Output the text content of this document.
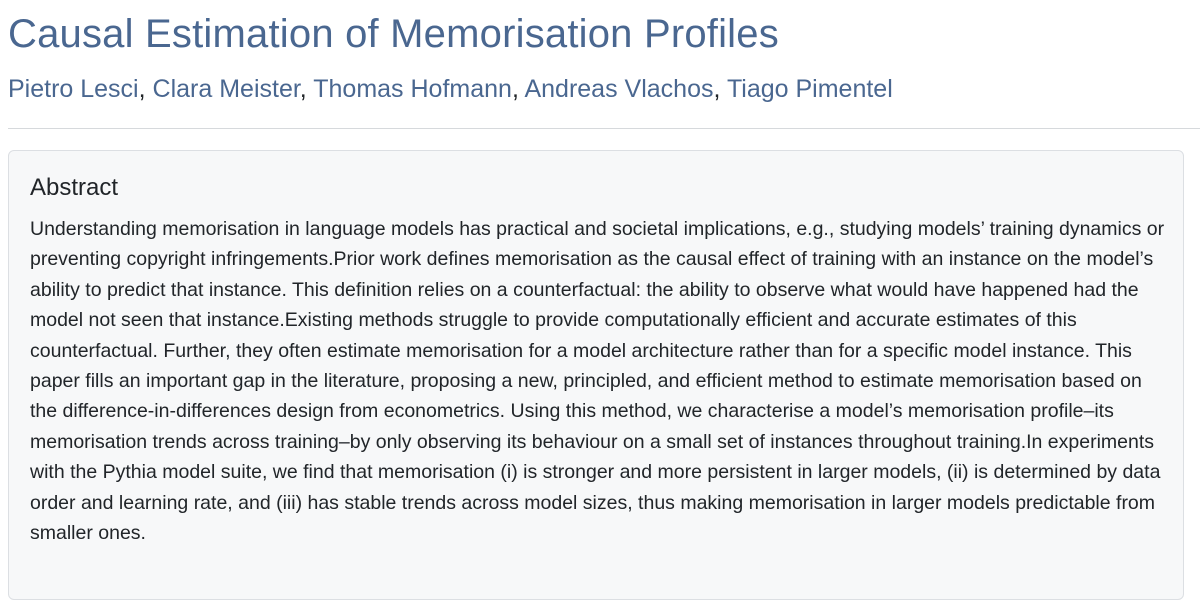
Causal Estimation of Memorisation Profiles
Pietro Lesci, Clara Meister, Thomas Hofmann, Andreas Vlachos, Tiago Pimentel
Abstract

Understanding memorisation in language models has practical and societal implications, e.g., studying models’ training dynamics or preventing copyright infringements.Prior work defines memorisation as the causal effect of training with an instance on the model’s ability to predict that instance. This definition relies on a counterfactual: the ability to observe what would have happened had the model not seen that instance.Existing methods struggle to provide computationally efficient and accurate estimates of this counterfactual. Further, they often estimate memorisation for a model architecture rather than for a specific model instance. This paper fills an important gap in the literature, proposing a new, principled, and efficient method to estimate memorisation based on the difference-in-differences design from econometrics. Using this method, we characterise a model’s memorisation profile–its memorisation trends across training–by only observing its behaviour on a small set of instances throughout training.In experiments with the Pythia model suite, we find that memorisation (i) is stronger and more persistent in larger models, (ii) is determined by data order and learning rate, and (iii) has stable trends across model sizes, thus making memorisation in larger models predictable from smaller ones.
